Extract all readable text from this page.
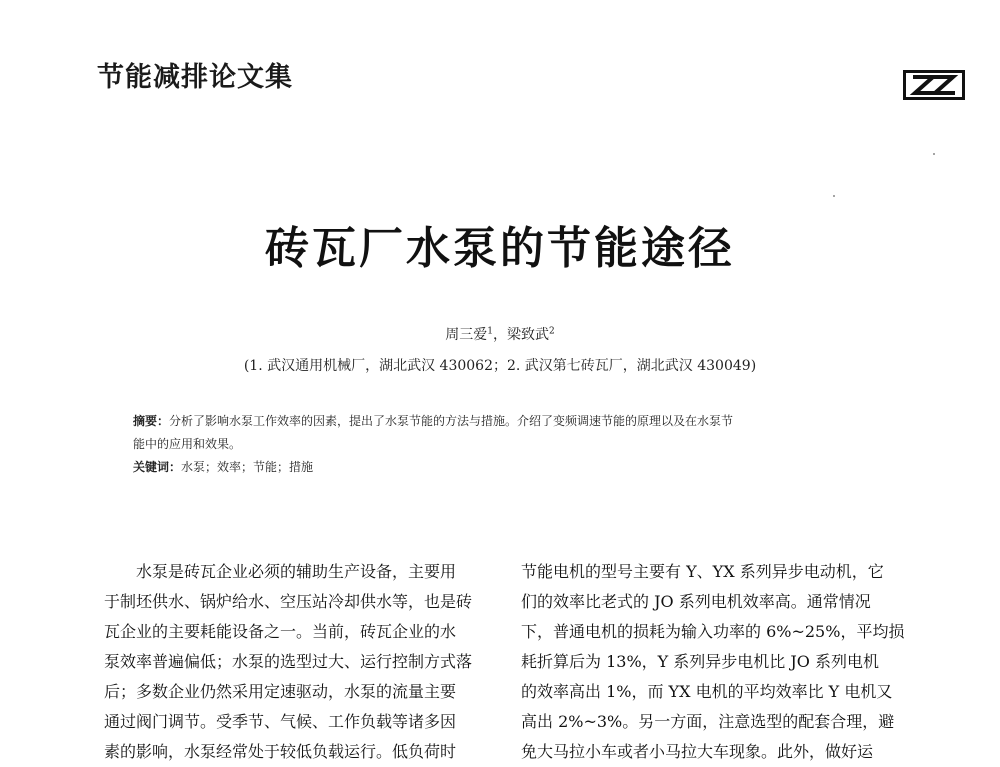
节能减排论文集
砖瓦厂水泵的节能途径
周三爱$^1$，梁致武$^2$
(1. 武汉通用机械厂，湖北武汉 430062；2. 武汉第七砖瓦厂，湖北武汉 430049)
摘要：分析了影响水泵工作效率的因素，提出了水泵节能的方法与措施。介绍了变频调速节能的原理以及在水泵节
能中的应用和效果。
关键词：水泵；效率；节能；措施
水泵是砖瓦企业必须的辅助生产设备，主要用
于制坯供水、锅炉给水、空压站冷却供水等，也是砖
瓦企业的主要耗能设备之一。当前，砖瓦企业的水
泵效率普遍偏低；水泵的选型过大、运行控制方式落
后；多数企业仍然采用定速驱动，水泵的流量主要
通过阀门调节。受季节、气候、工作负载等诸多因
素的影响，水泵经常处于较低负载运行。低负荷时
节能电机的型号主要有 Y、YX 系列异步电动机，它
们的效率比老式的 JO 系列电机效率高。通常情况
下，普通电机的损耗为输入功率的 6%~25%，平均损
耗折算后为 13%，Y 系列异步电机比 JO 系列电机
的效率高出 1%，而 YX 电机的平均效率比 Y 电机又
高出 2%~3%。另一方面，注意选型的配套合理，避
免大马拉小车或者小马拉大车现象。此外，做好运
